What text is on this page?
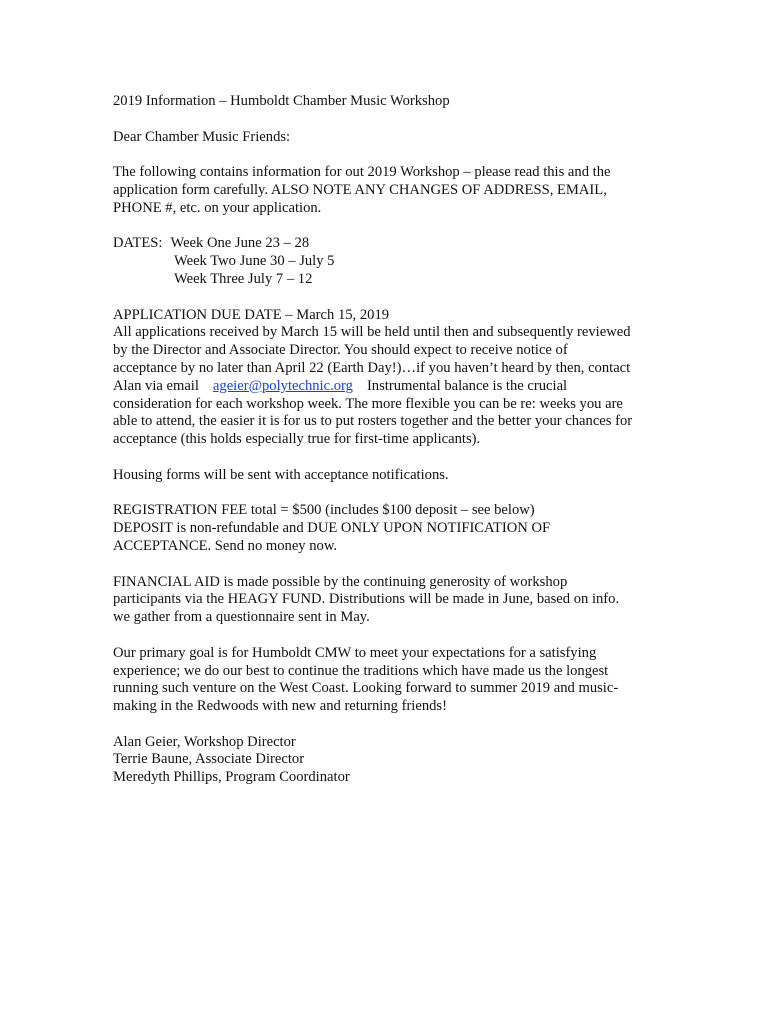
2019 Information – Humboldt Chamber Music Workshop
Dear Chamber Music Friends:
The following contains information for out 2019 Workshop – please read this and the
application form carefully. ALSO NOTE ANY CHANGES OF ADDRESS, EMAIL,
PHONE #, etc. on your application.
DATES: Week One June 23 – 28
Week Two June 30 – July 5
Week Three July 7 – 12
APPLICATION DUE DATE – March 15, 2019
All applications received by March 15 will be held until then and subsequently reviewed
by the Director and Associate Director. You should expect to receive notice of
acceptance by no later than April 22 (Earth Day!)…if you haven’t heard by then, contact
Alan via email ageier@polytechnic.org Instrumental balance is the crucial
consideration for each workshop week. The more flexible you can be re: weeks you are
able to attend, the easier it is for us to put rosters together and the better your chances for
acceptance (this holds especially true for first-time applicants).
Housing forms will be sent with acceptance notifications.
REGISTRATION FEE total = $500 (includes $100 deposit – see below)
DEPOSIT is non-refundable and DUE ONLY UPON NOTIFICATION OF
ACCEPTANCE. Send no money now.
FINANCIAL AID is made possible by the continuing generosity of workshop
participants via the HEAGY FUND. Distributions will be made in June, based on info.
we gather from a questionnaire sent in May.
Our primary goal is for Humboldt CMW to meet your expectations for a satisfying
experience; we do our best to continue the traditions which have made us the longest
running such venture on the West Coast. Looking forward to summer 2019 and music-
making in the Redwoods with new and returning friends!
Alan Geier, Workshop Director
Terrie Baune, Associate Director
Meredyth Phillips, Program Coordinator
